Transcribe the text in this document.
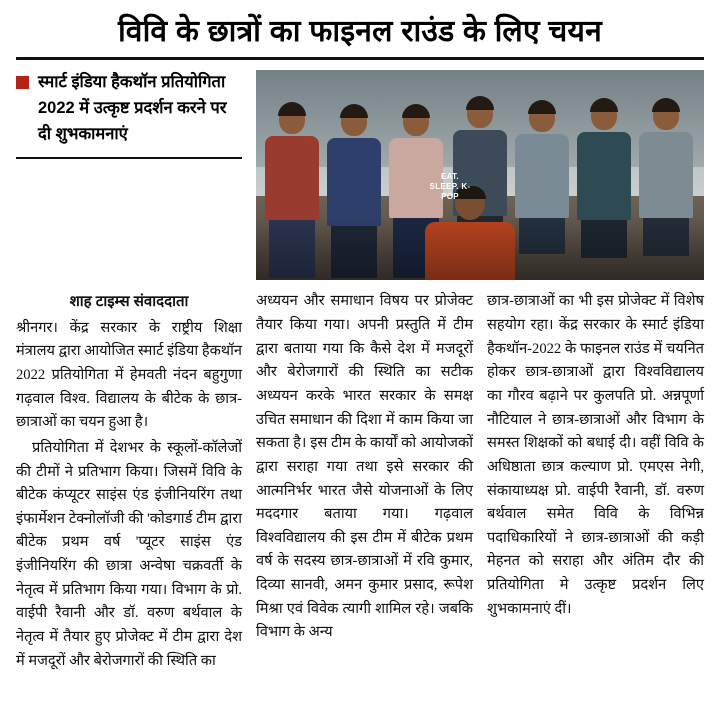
विवि के छात्रों का फाइनल राउंड के लिए चयन
स्मार्ट इंडिया हैकथॉन प्रतियोगिता 2022 में उत्कृष्ट प्रदर्शन करने पर दी शुभकामनाएं
EAT. SLEEP. K-POP
शाह टाइम्स संवाददाता

श्रीनगर। केंद्र सरकार के राष्ट्रीय शिक्षा मंत्रालय द्वारा आयोजित स्मार्ट इंडिया हैकथॉन 2022 प्रतियोगिता में हेमवती नंदन बहुगुणा गढ़वाल विश्व. विद्यालय के बीटेक के छात्र-छात्राओं का चयन हुआ है।

प्रतियोगिता में देशभर के स्कूलों-कॉलेजों की टीमों ने प्रतिभाग किया। जिसमें विवि के बीटेक कंप्यूटर साइंस एंड इंजीनियरिंग तथा इंफार्मेशन टेक्नोलॉजी की 'कोडगार्ड टीम द्वारा बीटेक प्रथम वर्ष 'प्यूटर साइंस एंड इंजीनियरिंग की छात्रा अन्वेषा चक्रवर्ती के नेतृत्व में प्रतिभाग किया गया। विभाग के प्रो. वाईपी रैवानी और डॉ. वरुण बर्थवाल के नेतृत्व में तैयार हुए प्रोजेक्ट में टीम द्वारा देश में मजदूरों और बेरोजगारों की स्थिति का

अध्ययन और समाधान विषय पर प्रोजेक्ट तैयार किया गया। अपनी प्रस्तुति में टीम द्वारा बताया गया कि कैसे देश में मजदूरों और बेरोजगारों की स्थिति का सटीक अध्ययन करके भारत सरकार के समक्ष उचित समाधान की दिशा में काम किया जा सकता है। इस टीम के कार्यों को आयोजकों द्वारा सराहा गया तथा इसे सरकार की आत्मनिर्भर भारत जैसे योजनाओं के लिए मददगार बताया गया। गढ़वाल विश्वविद्यालय की इस टीम में बीटेक प्रथम वर्ष के सदस्य छात्र-छात्राओं में रवि कुमार, दिव्या सानवी, अमन कुमार प्रसाद, रूपेश मिश्रा एवं विवेक त्यागी शामिल रहे। जबकि विभाग के अन्य

छात्र-छात्राओं का भी इस प्रोजेक्ट में विशेष सहयोग रहा। केंद्र सरकार के स्मार्ट इंडिया हैकथॉन-2022 के फाइनल राउंड में चयनित होकर छात्र-छात्राओं द्वारा विश्वविद्यालय का गौरव बढ़ाने पर कुलपति प्रो. अन्नपूर्णा नौटियाल ने छात्र-छात्राओं और विभाग के समस्त शिक्षकों को बधाई दी। वहीं विवि के अधिष्ठाता छात्र कल्याण प्रो. एमएस नेगी, संकायाध्यक्ष प्रो. वाईपी रैवानी, डॉ. वरुण बर्थवाल समेत विवि के विभिन्न पदाधिकारियों ने छात्र-छात्राओं की कड़ी मेहनत को सराहा और अंतिम दौर की प्रतियोगिता मे उत्कृष्ट प्रदर्शन लिए शुभकामनाएं दीं।
